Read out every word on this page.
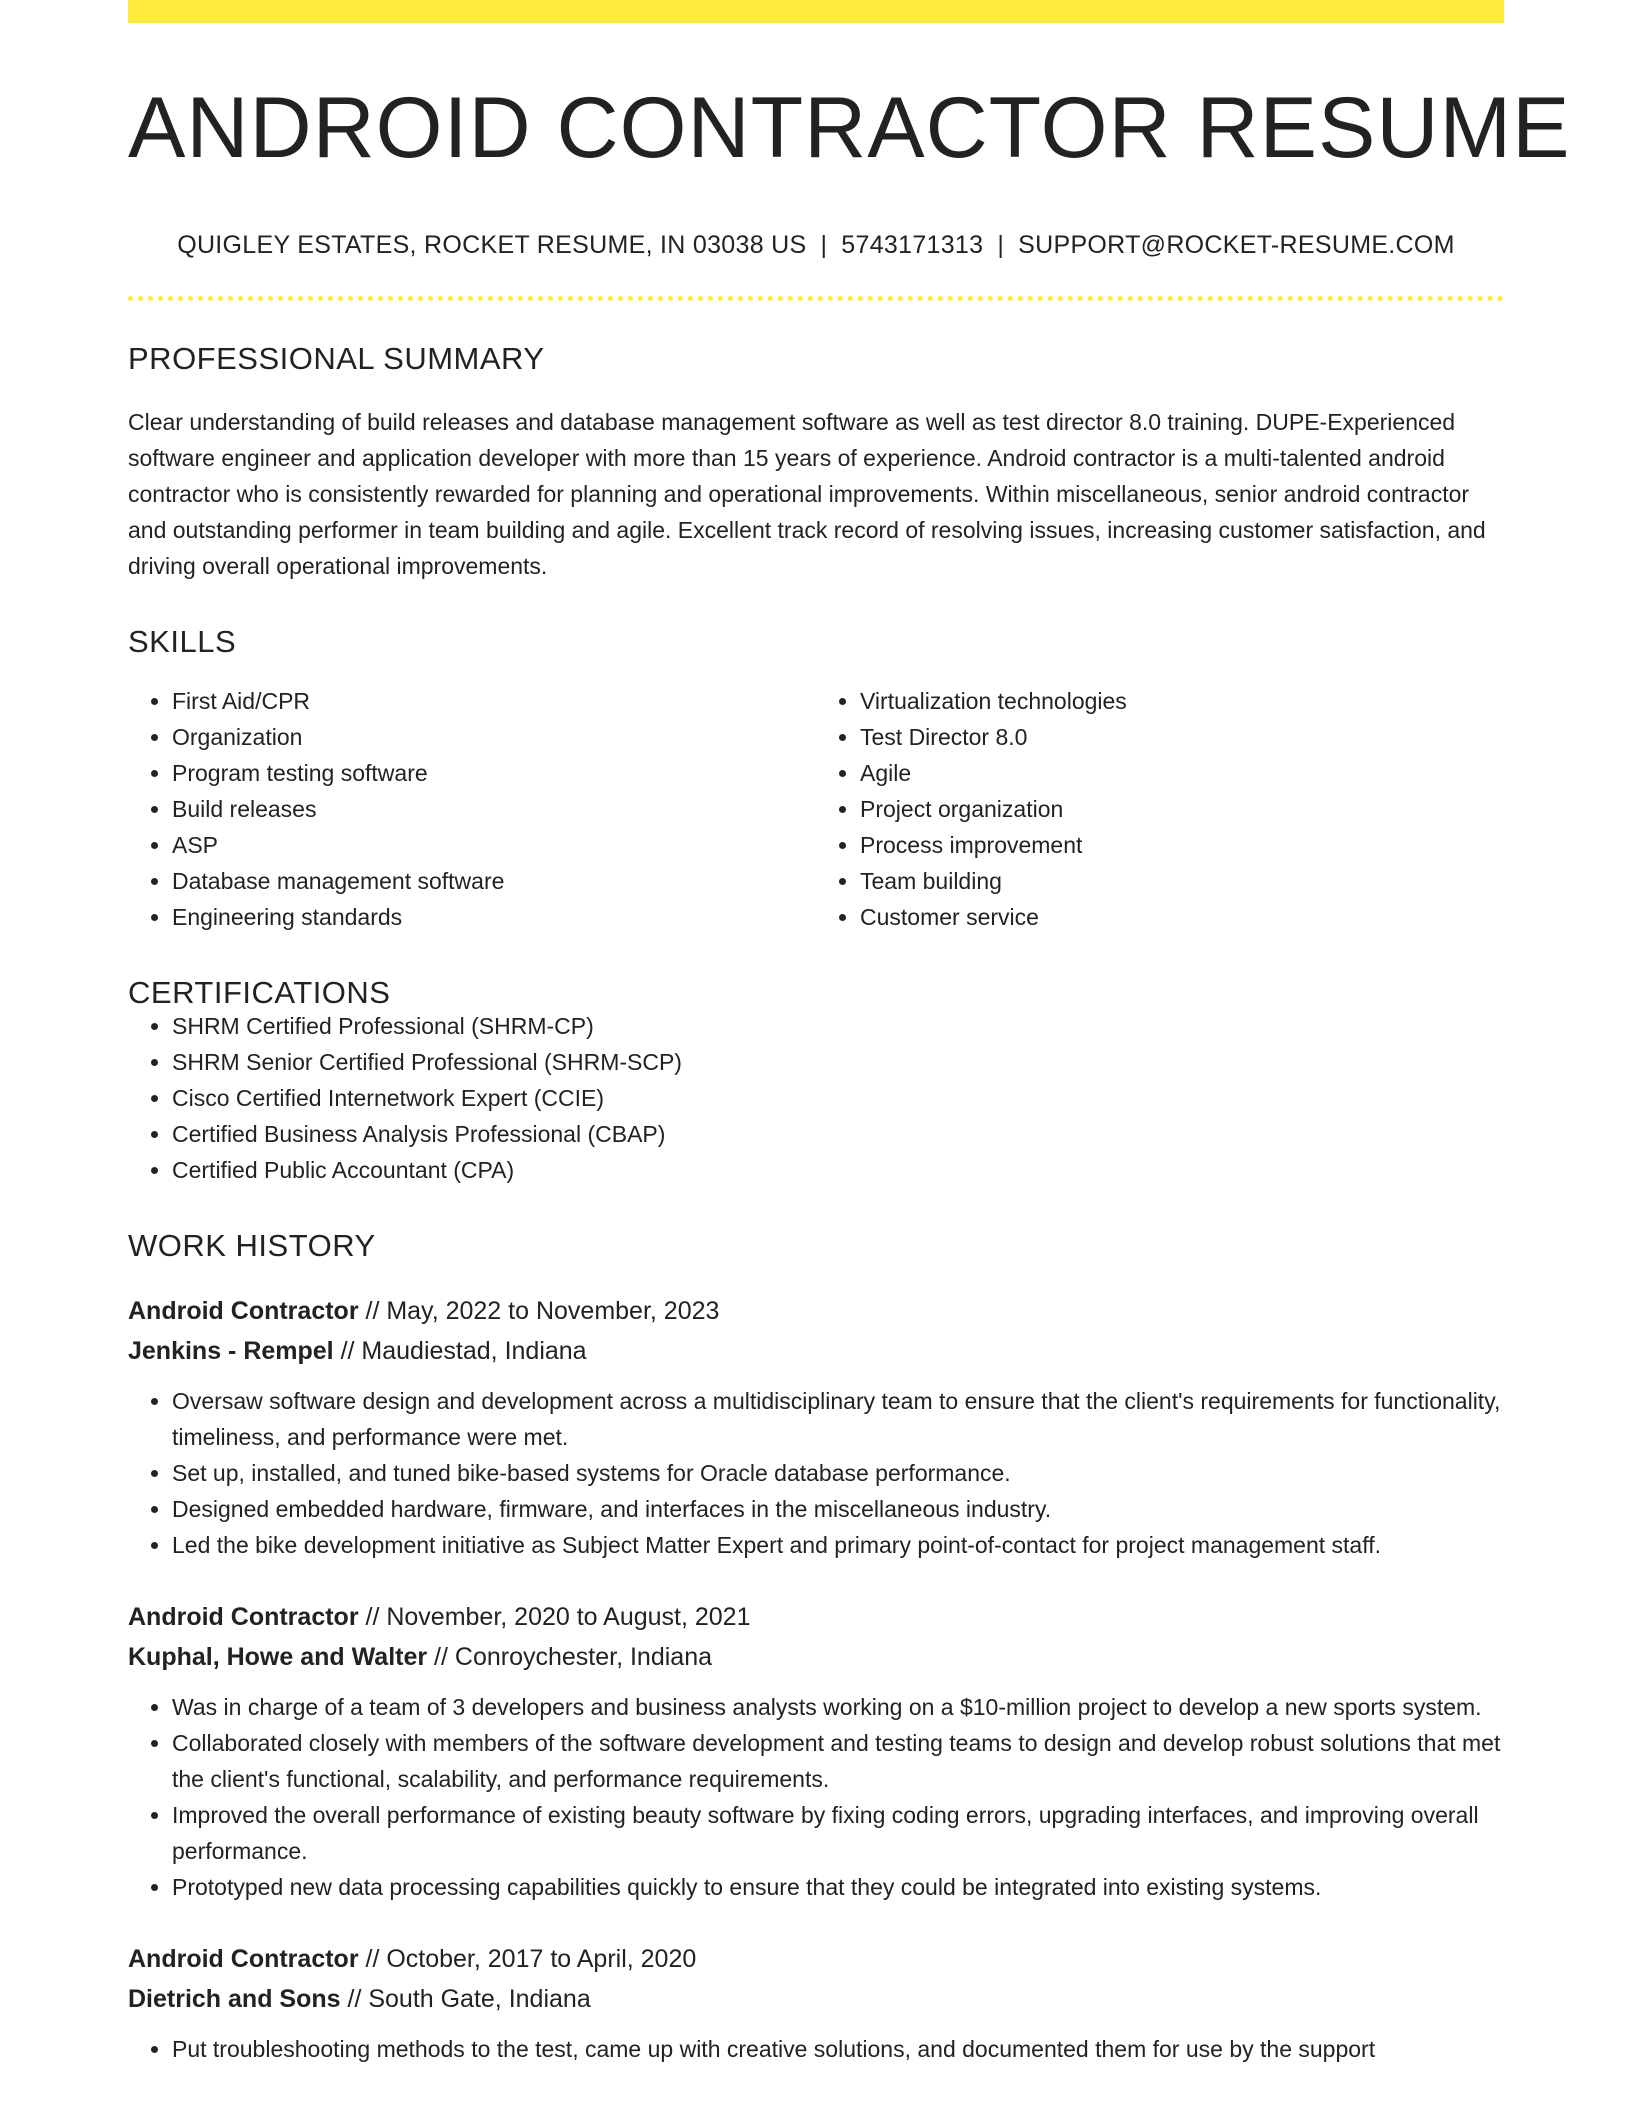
ANDROID CONTRACTOR RESUME
QUIGLEY ESTATES, ROCKET RESUME, IN 03038 US | 5743171313 | SUPPORT@ROCKET-RESUME.COM
PROFESSIONAL SUMMARY

Clear understanding of build releases and database management software as well as test director 8.0 training. DUPE-Experienced software engineer and application developer with more than 15 years of experience. Android contractor is a multi-talented android contractor who is consistently rewarded for planning and operational improvements. Within miscellaneous, senior android contractor and outstanding performer in team building and agile. Excellent track record of resolving issues, increasing customer satisfaction, and driving overall operational improvements.

SKILLS
• First Aid/CPR
• Organization
• Program testing software
• Build releases
• ASP
• Database management software
• Engineering standards
• Virtualization technologies
• Test Director 8.0
• Agile
• Project organization
• Process improvement
• Team building
• Customer service
CERTIFICATIONS
• SHRM Certified Professional (SHRM-CP)
• SHRM Senior Certified Professional (SHRM-SCP)
• Cisco Certified Internetwork Expert (CCIE)
• Certified Business Analysis Professional (CBAP)
• Certified Public Accountant (CPA)
WORK HISTORY
Android Contractor // May, 2022 to November, 2023
Jenkins - Rempel // Maudiestad, Indiana
• Oversaw software design and development across a multidisciplinary team to ensure that the client's requirements for functionality, timeliness, and performance were met.
• Set up, installed, and tuned bike-based systems for Oracle database performance.
• Designed embedded hardware, firmware, and interfaces in the miscellaneous industry.
• Led the bike development initiative as Subject Matter Expert and primary point-of-contact for project management staff.
Android Contractor // November, 2020 to August, 2021
Kuphal, Howe and Walter // Conroychester, Indiana
• Was in charge of a team of 3 developers and business analysts working on a $10-million project to develop a new sports system.
• Collaborated closely with members of the software development and testing teams to design and develop robust solutions that met the client's functional, scalability, and performance requirements.
• Improved the overall performance of existing beauty software by fixing coding errors, upgrading interfaces, and improving overall performance.
• Prototyped new data processing capabilities quickly to ensure that they could be integrated into existing systems.
Android Contractor // October, 2017 to April, 2020
Dietrich and Sons // South Gate, Indiana
• Put troubleshooting methods to the test, came up with creative solutions, and documented them for use by the support
